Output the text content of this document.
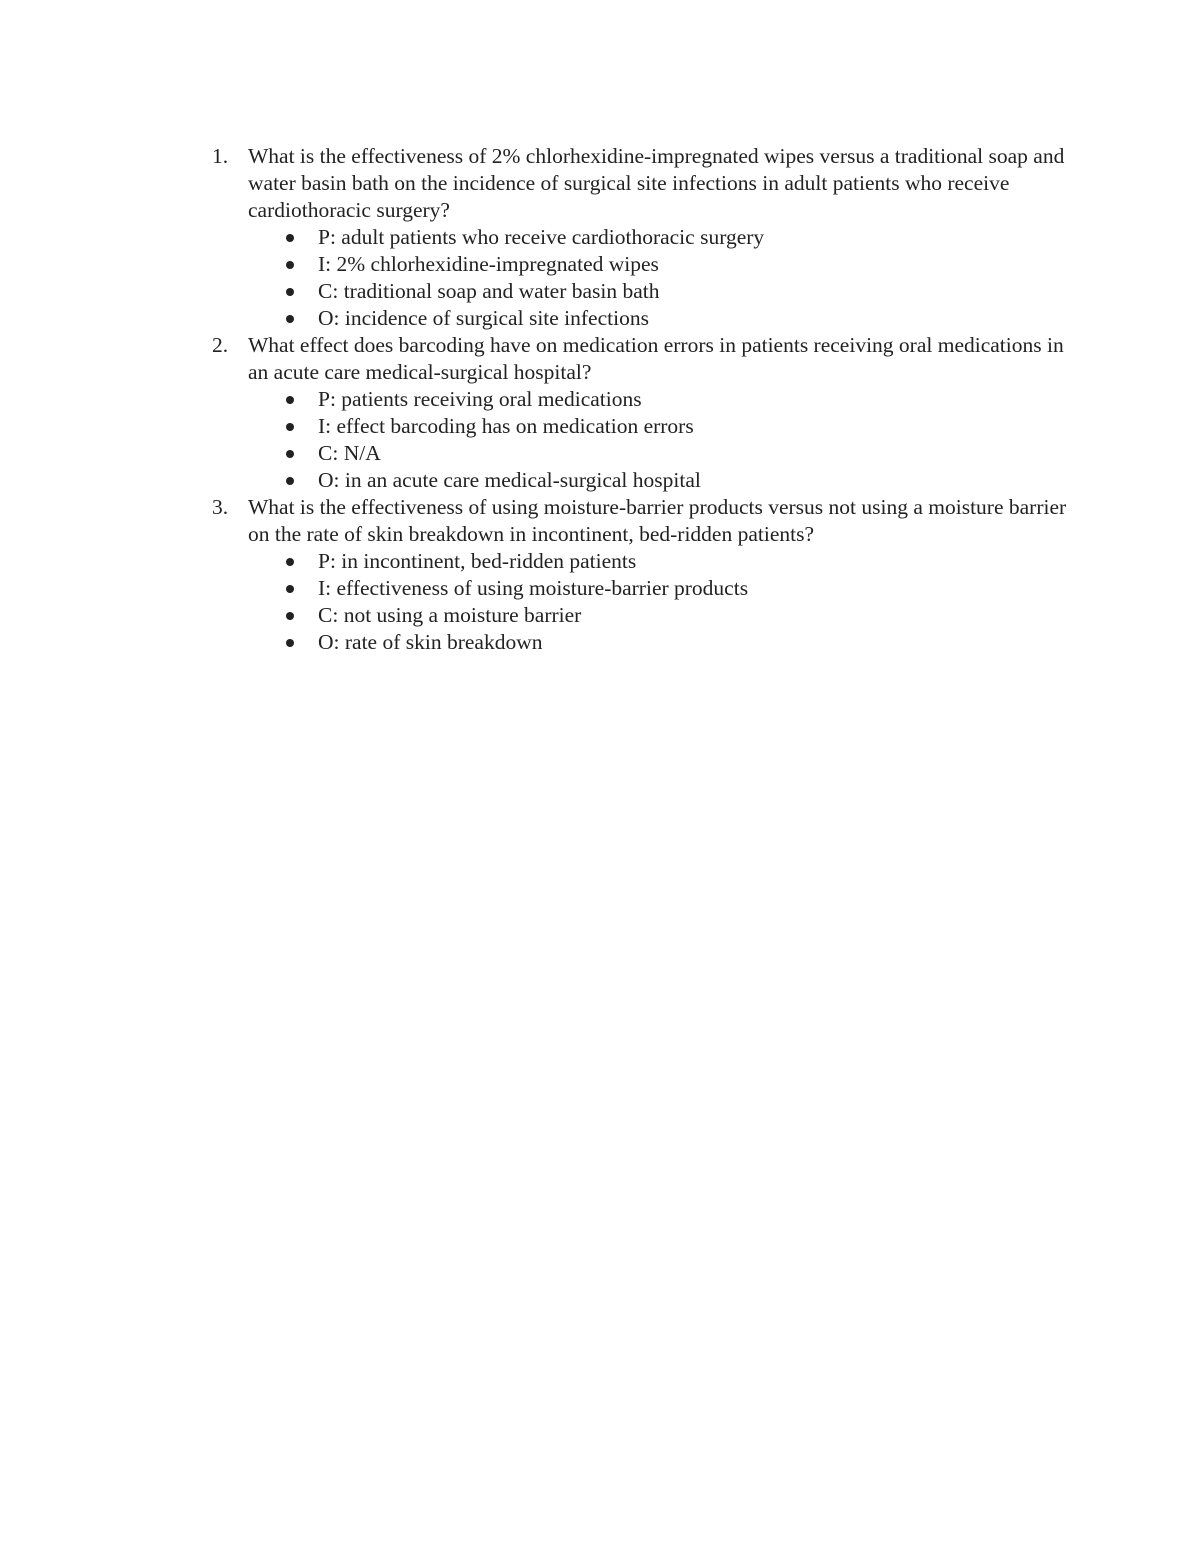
1. What is the effectiveness of 2% chlorhexidine-impregnated wipes versus a traditional soap and water basin bath on the incidence of surgical site infections in adult patients who receive cardiothoracic surgery?
P: adult patients who receive cardiothoracic surgery
I: 2% chlorhexidine-impregnated wipes
C: traditional soap and water basin bath
O: incidence of surgical site infections
2. What effect does barcoding have on medication errors in patients receiving oral medications in an acute care medical-surgical hospital?
P: patients receiving oral medications
I: effect barcoding has on medication errors
C: N/A
O: in an acute care medical-surgical hospital
3. What is the effectiveness of using moisture-barrier products versus not using a moisture barrier on the rate of skin breakdown in incontinent, bed-ridden patients?
P: in incontinent, bed-ridden patients
I: effectiveness of using moisture-barrier products
C: not using a moisture barrier
O: rate of skin breakdown
